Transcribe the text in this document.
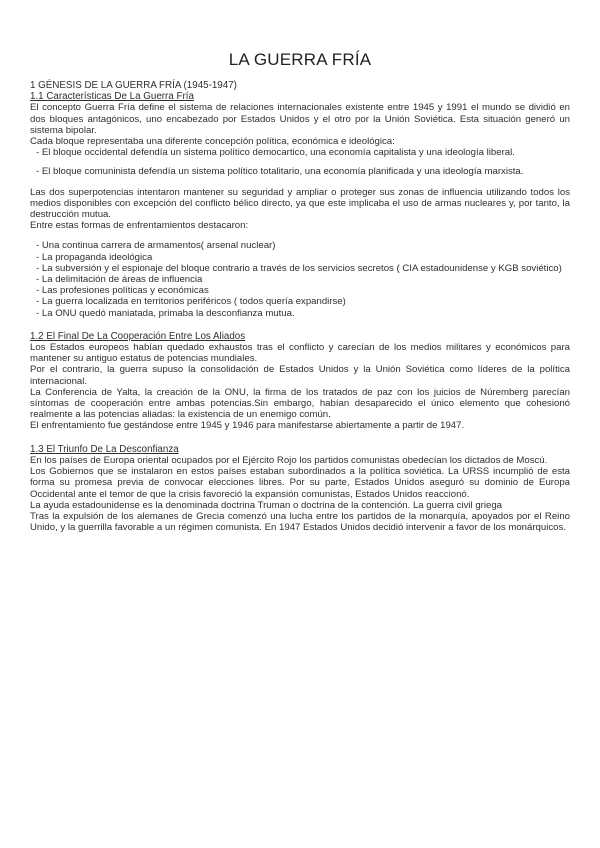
LA GUERRA FRÍA
1 GÉNESIS DE LA GUERRA FRÍA (1945-1947)
1.1 Características De La Guerra Fría

El concepto Guerra Fría define el sistema de relaciones internacionales existente entre 1945 y 1991 el mundo se dividió en dos bloques antagónicos, uno encabezado por Estados Unidos y el otro por la Unión Soviética. Esta situación generó un sistema bipolar.

Cada bloque representaba una diferente concepción política, económica e ideológica:

- El bloque occidental defendía un sistema político democartico, una economía capitalista y una ideología liberal.
- El bloque comuninista defendía un sistema político totalitario, una economía planificada y una ideología marxista.

Las dos superpotencias intentaron mantener su seguridad y ampliar o proteger sus zonas de influencia utilizando todos los medios disponibles con excepción del conflicto bélico directo, ya que este implicaba el uso de armas nucleares y, por tanto, la destrucción mutua.

Entre estas formas de enfrentamientos destacaron:

- Una continua carrera de armamentos( arsenal nuclear)
- La propaganda ideológica
- La subversión y el espionaje del bloque contrario a través de los servicios secretos ( CIA estadounidense y KGB soviético)
- La delimitación de áreas de influencia
- Las profesiones políticas y económicas
- La guerra localizada en territorios periféricos ( todos quería expandirse)
- La ONU quedó maniatada, primaba la desconfianza mutua.
1.2 El Final De La Cooperación Entre Los Aliados

Los Estados europeos habían quedado exhaustos tras el conflicto y carecían de los medios militares y económicos para mantener su antiguo estatus de potencias mundiales.

Por el contrario, la guerra supuso la consolidación de Estados Unidos y la Unión Soviética como líderes de la política internacional.

La Conferencia de Yalta, la creación de la ONU, la firma de los tratados de paz con los juicios de Núremberg parecían síntomas de cooperación entre ambas potencias.Sin embargo, habían desaparecido el único elemento que cohesionó realmente a las potencias aliadas: la existencia de un enemigo común.

El enfrentamiento fue gestándose entre 1945 y 1946 para manifestarse abiertamente a partir de 1947.

1.3 El Triunfo De La Desconfianza

En los países de Europa oriental ocupados por el Ejército Rojo los partidos comunistas obedecían los dictados de Moscú.

Los Gobiernos que se instalaron en estos países estaban subordinados a la política soviética. La URSS incumplió de esta forma su promesa previa de convocar elecciones libres. Por su parte, Estados Unidos aseguró su dominio de Europa Occidental ante el temor de que la crisis favoreció la expansión comunistas, Estados Unidos reaccionó.

La ayuda estadounidense es la denominada doctrina Truman o doctrina de la contención. La guerra civil griega

Tras la expulsión de los alemanes de Grecia comenzó una lucha entre los partidos de la monarquía, apoyados por el Reino Unido, y la guerrilla favorable a un régimen comunista. En 1947 Estados Unidos decidió intervenir a favor de los monárquicos.
